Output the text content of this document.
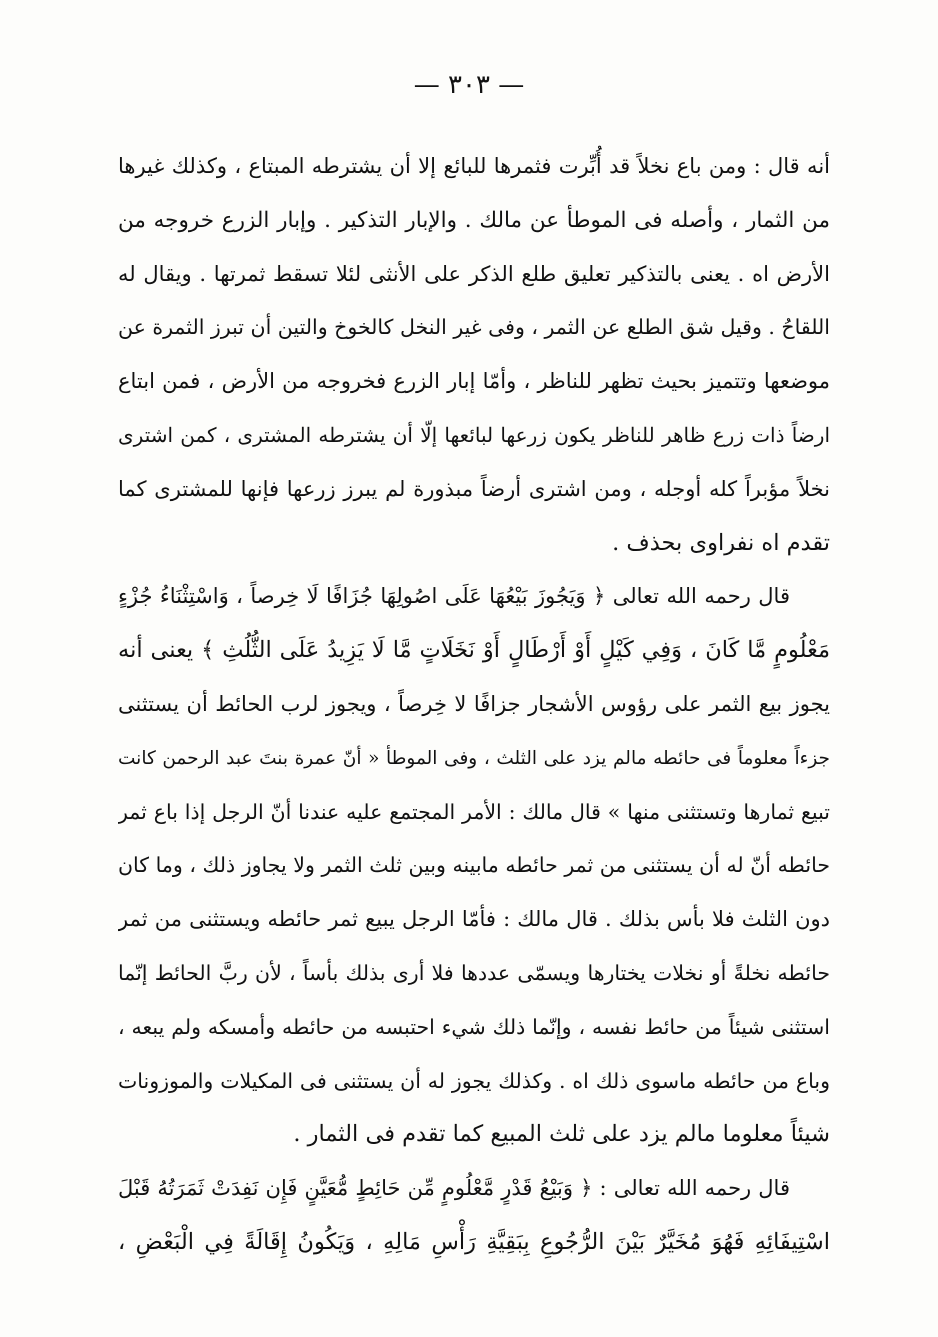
— ٣٠٣ —
أنه قال : ومن باع نخلاً قد أُبِّرت فثمرها للبائع إلا أن يشترطه المبتاع ، وكذلك غيرها
من الثمار ، وأصله فى الموطأ عن مالك . والإبار التذكير . وإبار الزرع خروجه من
الأرض اه . يعنى بالتذكير تعليق طلع الذكر على الأنثى لئلا تسقط ثمرتها . ويقال له
اللقاحُ . وقيل شق الطلع عن الثمر ، وفى غير النخل كالخوخ والتين أن تبرز الثمرة عن
موضعها وتتميز بحيث تظهر للناظر ، وأمّا إبار الزرع فخروجه من الأرض ، فمن ابتاع
ارضاً ذات زرع ظاهر للناظر يكون زرعها لبائعها إلّا أن يشترطه المشترى ، كمن اشترى
نخلاً مؤبراً كله أوجله ، ومن اشترى أرضاً مبذورة لم يبرز زرعها فإنها للمشترى كما
تقدم اه نفراوى بحذف .
قال رحمه الله تعالى ﴿ وَيَجُوزَ بَيْعُهَا عَلَى اصُولِهَا جُزَافًا لَا خِرصاً ، وَاسْتِثْنَاءُ جُزْءٍ
مَعْلُومٍ مَّا كَانَ ، وَفِي كَيْلٍ أَوْ أَرْطَالٍ أَوْ نَخَلَاتٍ مَّا لَا يَزِيدُ عَلَى الثُّلُثِ ﴾ يعنى أنه
يجوز بيع الثمر على رؤوس الأشجار جزافًا لا خِرصاً ، ويجوز لرب الحائط أن يستثنى
جزءاً معلوماً فى حائطه مالم يزد على الثلث ، وفى الموطأ « أنّ عمرة بنتَ عبد الرحمن كانت
تبيع ثمارها وتستثنى منها » قال مالك : الأمر المجتمع عليه عندنا أنّ الرجل إذا باع ثمر
حائطه أنّ له أن يستثنى من ثمر حائطه مابينه وبين ثلث الثمر ولا يجاوز ذلك ، وما كان
دون الثلث فلا بأس بذلك . قال مالك : فأمّا الرجل يبيع ثمر حائطه ويستثنى من ثمر
حائطه نخلةً أو نخلات يختارها ويسمّى عددها فلا أرى بذلك بأساً ، لأن ربَّ الحائط إنّما
استثنى شيئاً من حائط نفسه ، وإنّما ذلك شيء احتبسه من حائطه وأمسكه ولم يبعه ،
وباع من حائطه ماسوى ذلك اه . وكذلك يجوز له أن يستثنى فى المكيلات والموزونات
شيئاً معلوما مالم يزد على ثلث المبيع كما تقدم فى الثمار .
قال رحمه الله تعالى : ﴿ وَبَيْعُ قَدْرٍ مَّعْلُومٍ مِّن حَائِطٍ مُّعَيَّنٍ فَإِن نَفِدَتْ ثَمَرَتُهُ قَبْلَ
اسْتِيفَائِهِ فَهُوَ مُخَيَّرٌ بَيْنَ الرُّجُوعِ بِبَقِيَّةِ رَأْسِ مَالِهِ ، وَيَكُونُ إِقَالَةً فِي الْبَعْضِ ،
